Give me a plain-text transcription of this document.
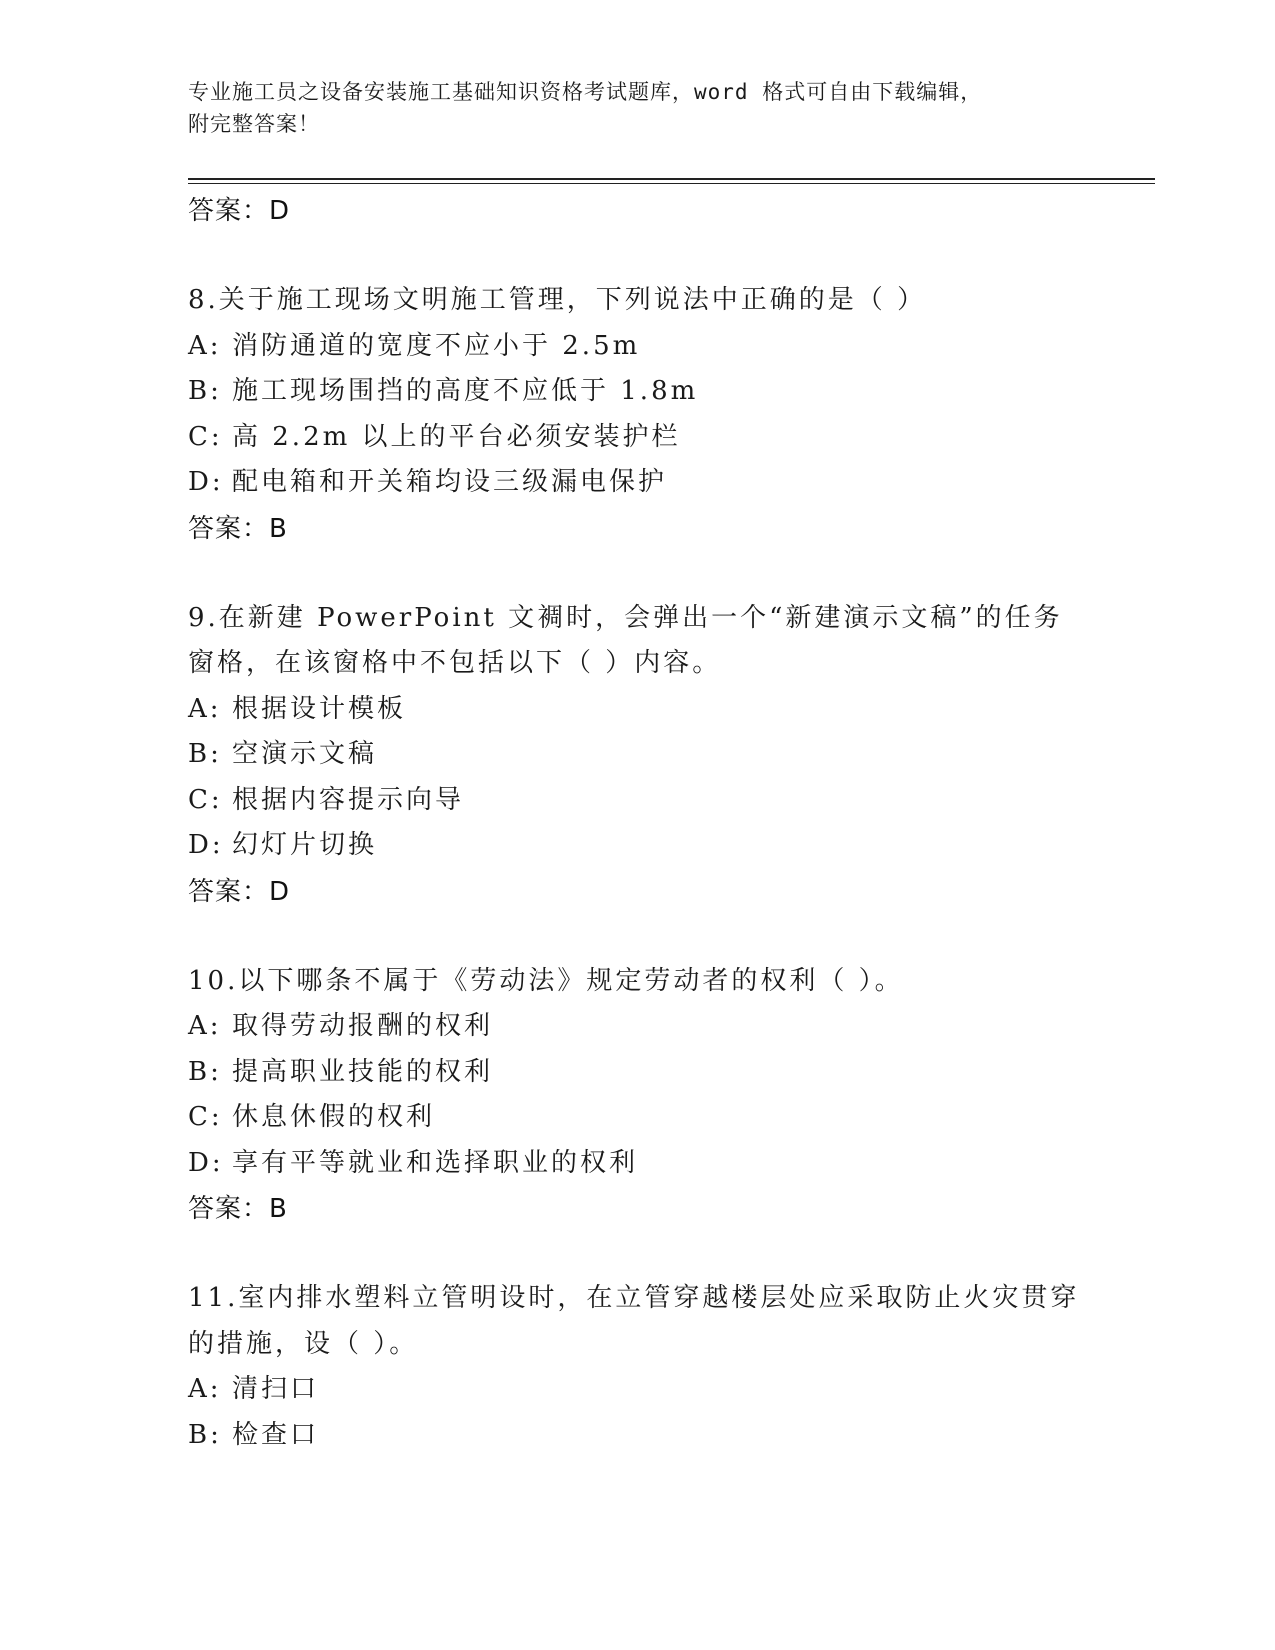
专业施工员之设备安装施工基础知识资格考试题库，word 格式可自由下载编辑，
附完整答案！
答案：D
8.关于施工现场文明施工管理，下列说法中正确的是（ ）
A: 消防通道的宽度不应小于 2.5m
B: 施工现场围挡的高度不应低于 1.8m
C: 高 2.2m 以上的平台必须安装护栏
D: 配电箱和开关箱均设三级漏电保护
答案：B
9.在新建 PowerPoint 文裯时，会弹出一个“新建演示文稿”的任务窗格，在该窗格中不包括以下（ ）内容。
A: 根据设计模板
B: 空演示文稿
C: 根据内容提示向导
D: 幻灯片切换
答案：D
10.以下哪条不属于《劳动法》规定劳动者的权利（ ）。
A: 取得劳动报酬的权利
B: 提高职业技能的权利
C: 休息休假的权利
D: 享有平等就业和选择职业的权利
答案：B
11.室内排水塑料立管明设时，在立管穿越楼层处应采取防止火灾贯穿的措施，设（ ）。
A: 清扫口
B: 检查口
